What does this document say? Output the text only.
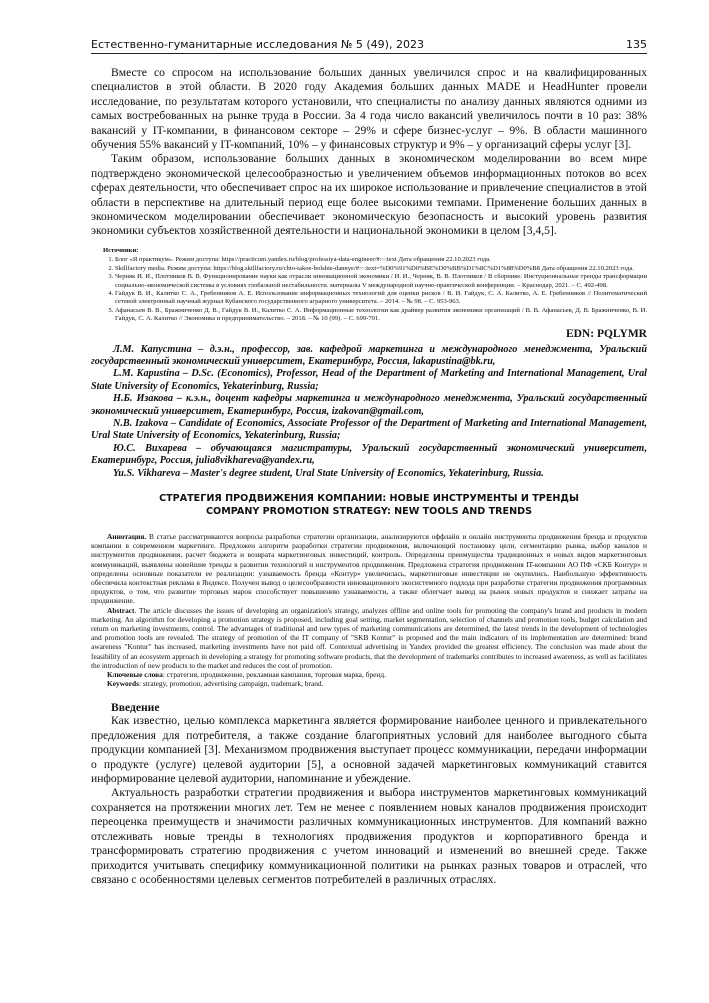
Естественно-гуманитарные исследования № 5 (49), 2023	135

Вместе со спросом на использование больших данных увеличился спрос и на квалифицированных специалистов в этой области. В 2020 году Академия больших данных MADE и HeadHunter провели исследование, по результатам которого установили, что специалисты по анализу данных являются одними из самых востребованных на рынке труда в России. За 4 года число вакансий увеличилось почти в 10 раз: 38% вакансий у IT-компании, в финансовом секторе – 29% и сфере бизнес-услуг – 9%. В области машинного обучения 55% вакансий у IT-компаний, 10% – у финансовых структур и 9% – у организаций сферы услуг [3].

Таким образом, использование больших данных в экономическом моделировании во всем мире подтверждено экономической целесообразностью и увеличением объемов информационных потоков во всех сферах деятельности, что обеспечивает спрос на их широкое использование и привлечение специалистов в этой области в перспективе на длительный период еще более высокими темпами. Применение больших данных в экономическом моделировании обеспечивает экономическую безопасность и высокий уровень развития экономики субъектов хозяйственной деятельности и национальной экономики в целом [3,4,5].

Источники:
1. Блог «Я практикум». Режим доступа: https://practicum.yandex.ru/blog/professiya-data-engineer/#:~:text Дата обращения 22.10.2023 года.
2. Skillfactory media. Режим доступа: https://blog.skillfactory.ru/chto-takoe-bolshie-dannye/#:~:text=%D0%91%D0%BE%D0%BB%D1%8C%D1%88%D0%B8 Дата обращения 22.10.2023 года.
3. Черняк И. И., Плотников В. В. Функционирование науки как отрасли инновационной экономики / И. И., Черняк, В. В. Плотников / В сборнике: Инстуционнальные тренды трансформации социально-экономической системы в условиях глобальной нестабильности. материалы V международной научно-практической конференции. – Краснодар, 2021. – С. 492-498.
4. Гайдук В. И., Калитко С. А., Гребенников А. Е. Использование информационных технологий для оценки рисков / В. И. Гайдук, С. А. Калитко, А. Е. Гребенников // Политематический сетевой электронный научный журнал Кубанского государственного аграрного университета. – 2014. – № 98. – С. 953-963.
5. Афанасьев В. В., Бражниченко Д. В., Гайдук В. И., Калитко С. А. Информационные технологии как драйвер развития экономики организаций / В. В. Афанасьев, Д. В. Бражниченко, В. И. Гайдук, С. А. Калитко // Экономика и предпринимательство. – 2018. – № 10 (99). – С. 699-701.
EDN: PQLYMR

Л.М. Капустина – д.э.н., профессор, зав. кафедрой маркетинга и международного менеджмента, Уральский государственный экономический университет, Екатеринбург, Россия, lakapustina@bk.ru,

L.M. Kapustina – D.Sc. (Economics), Professor, Head of the Department of Marketing and International Management, Ural State University of Economics, Yekaterinburg, Russia;

Н.Б. Изакова – к.э.н., доцент кафедры маркетинга и международного менеджмента, Уральский государственный экономический университет, Екатеринбург, Россия, izakovan@gmail.com,

N.B. Izakova – Candidate of Economics, Associate Professor of the Department of Marketing and International Management, Ural State University of Economics, Yekaterinburg, Russia;

Ю.С. Вихарева – обучающаяся магистратуры, Уральский государственный экономический университет, Екатеринбург, Россия, julia8vikhareva@yandex.ru,

Yu.S. Vikhareva – Master's degree student, Ural State University of Economics, Yekaterinburg, Russia.

СТРАТЕГИЯ ПРОДВИЖЕНИЯ КОМПАНИИ: НОВЫЕ ИНСТРУМЕНТЫ И ТРЕНДЫ
COMPANY PROMOTION STRATEGY: NEW TOOLS AND TRENDS

Аннотация. В статье рассматриваются вопросы разработки стратегии организации, анализируются оффлайн и онлайн инструменты продвижения бренда и продуктов компании в современном маркетинге. Предложен алгоритм разработки стратегии продвижения, включающий постановку цели, сегментацию рынка, выбор каналов и инструментов продвижения, расчет бюджета и возврата маркетинговых инвестиций, контроль. Определены преимущества традиционных и новых видов маркетинговых коммуникаций, выявлены новейшие тренды в развитии технологий и инструментов продвижения. Предложена стратегия продвижения IT-компании АО ПФ «СКБ Контур» и определены основные показатели ее реализации: узнаваемость бренда «Контур» увеличилась, маркетинговые инвестиции не окупились. Наибольшую эффективность обеспечила контекстная реклама в Яндексе. Получен вывод о целесообразности инновационного экосистемного подхода при разработке стратегии продвижения программных продуктов, о том, что развитие торговых марок способствует повышению узнаваемости, а также облегчает вывод на рынок новых продуктов и снижает затраты на продвижение.

Abstract. The article discusses the issues of developing an organization's strategy, analyzes offline and online tools for promoting the company's brand and products in modern marketing. An algorithm for developing a promotion strategy is proposed, including goal setting, market segmentation, selection of channels and promotion tools, budget calculation and return on marketing investments, control. The advantages of traditional and new types of marketing communications are determined, the latest trends in the development of technologies and promotion tools are revealed. The strategy of promotion of the IT company of "SKB Kontur" is proposed and the main indicators of its implementation are determined: brand awareness "Kontur" has increased, marketing investments have not paid off. Contextual advertising in Yandex provided the greatest efficiency. The conclusion was made about the feasibility of an ecosystem approach in developing a strategy for promoting software products, that the development of trademarks contributes to increased awareness, as well as facilitates the introduction of new products to the market and reduces the cost of promotion.

Ключевые слова: стратегия, продвижение, рекламная кампания, торговая марка, бренд.

Keywords: strategy, promotion, advertising campaign, trademark, brand.

Введение

Как известно, целью комплекса маркетинга является формирование наиболее ценного и привлекательного предложения для потребителя, а также создание благоприятных условий для наиболее выгодного сбыта продукции компанией [3]. Механизмом продвижения выступает процесс коммуникации, передачи информации о продукте (услуге) целевой аудитории [5], а основной задачей маркетинговых коммуникаций ставится информирование целевой аудитории, напоминание и убеждение.

Актуальность разработки стратегии продвижения и выбора инструментов маркетинговых коммуникаций сохраняется на протяжении многих лет. Тем не менее с появлением новых каналов продвижения происходит переоценка преимуществ и значимости различных коммуникационных инструментов. Для компаний важно отслеживать новые тренды в технологиях продвижения продуктов и корпоративного бренда и трансформировать стратегию продвижения с учетом инноваций и изменений во внешней среде. Также приходится учитывать специфику коммуникационной политики на рынках разных товаров и отраслей, что связано с особенностями целевых сегментов потребителей в различных отраслях.
